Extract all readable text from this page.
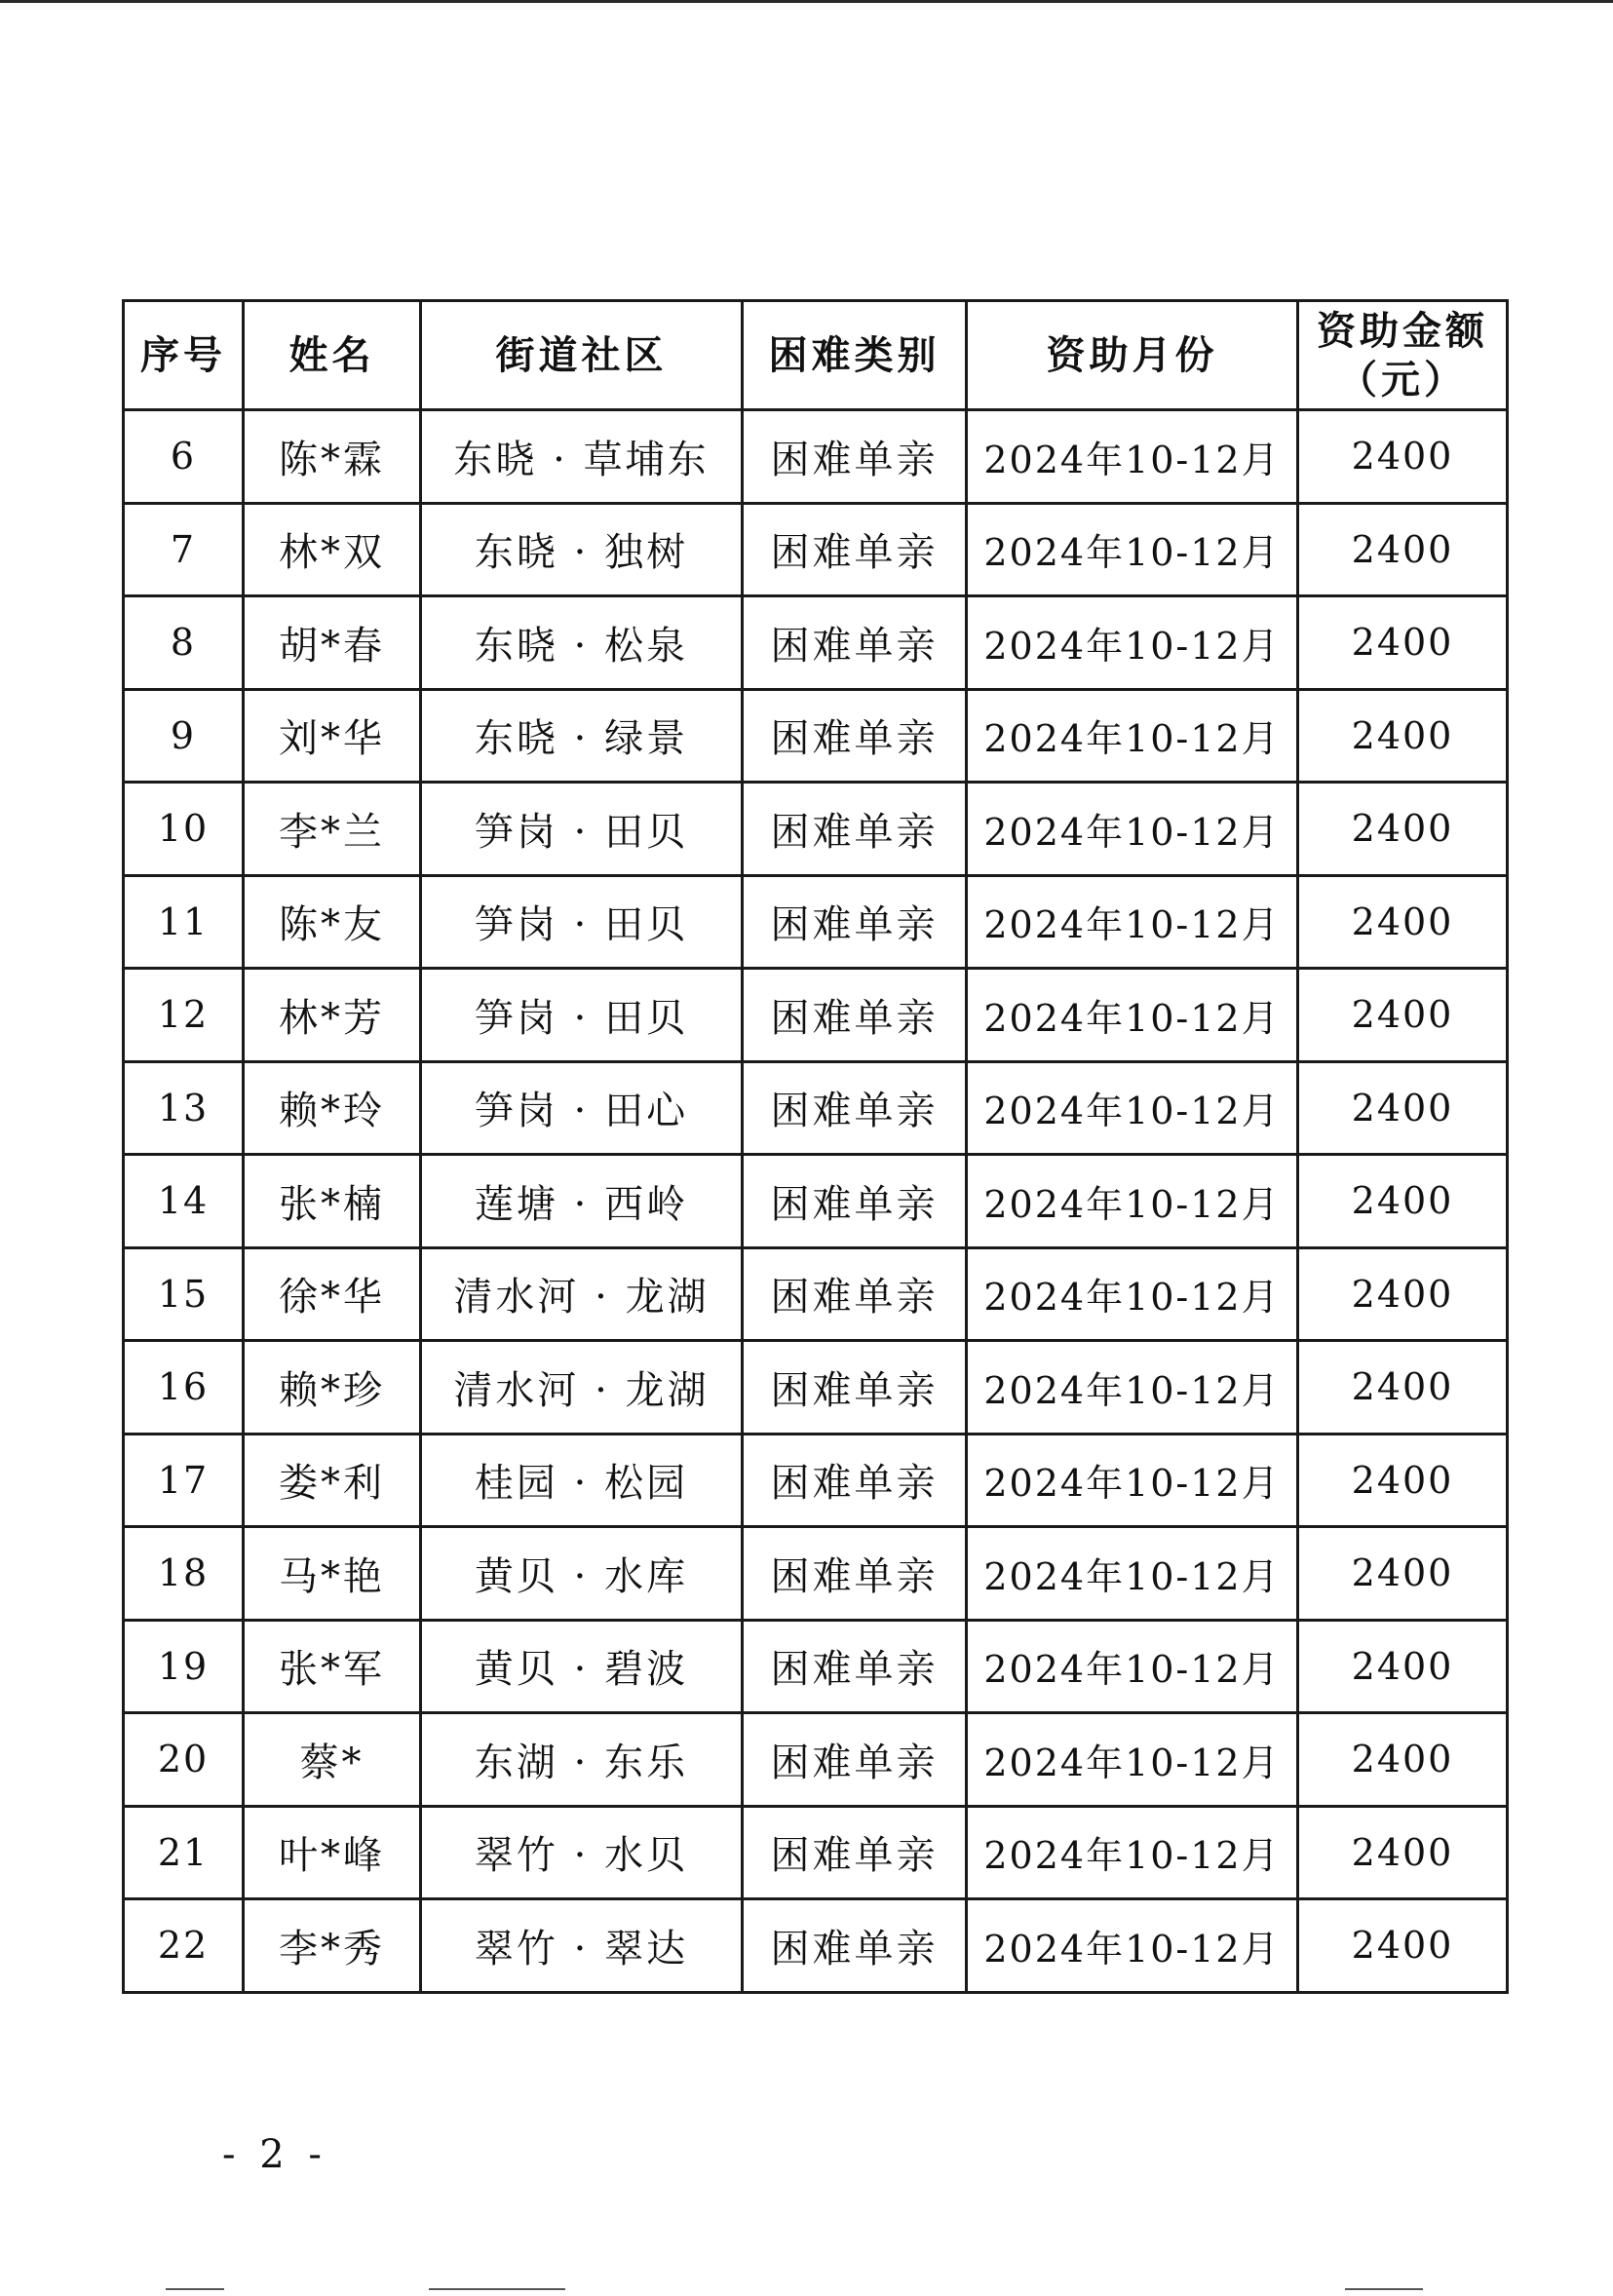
序号	姓名	街道社区	困难类别	资助月份	资助金额
（元）

6	陈*霖	东晓 · 草埔东	困难单亲	2024年10-12月	2400
7	林*双	东晓 · 独树	困难单亲	2024年10-12月	2400
8	胡*春	东晓 · 松泉	困难单亲	2024年10-12月	2400
9	刘*华	东晓 · 绿景	困难单亲	2024年10-12月	2400
10	李*兰	笋岗 · 田贝	困难单亲	2024年10-12月	2400
11	陈*友	笋岗 · 田贝	困难单亲	2024年10-12月	2400
12	林*芳	笋岗 · 田贝	困难单亲	2024年10-12月	2400
13	赖*玲	笋岗 · 田心	困难单亲	2024年10-12月	2400
14	张*楠	莲塘 · 西岭	困难单亲	2024年10-12月	2400
15	徐*华	清水河 · 龙湖	困难单亲	2024年10-12月	2400
16	赖*珍	清水河 · 龙湖	困难单亲	2024年10-12月	2400
17	娄*利	桂园 · 松园	困难单亲	2024年10-12月	2400
18	马*艳	黄贝 · 水库	困难单亲	2024年10-12月	2400
19	张*军	黄贝 · 碧波	困难单亲	2024年10-12月	2400
20	蔡*	东湖 · 东乐	困难单亲	2024年10-12月	2400
21	叶*峰	翠竹 · 水贝	困难单亲	2024年10-12月	2400
22	李*秀	翠竹 · 翠达	困难单亲	2024年10-12月	2400
- 2 -
